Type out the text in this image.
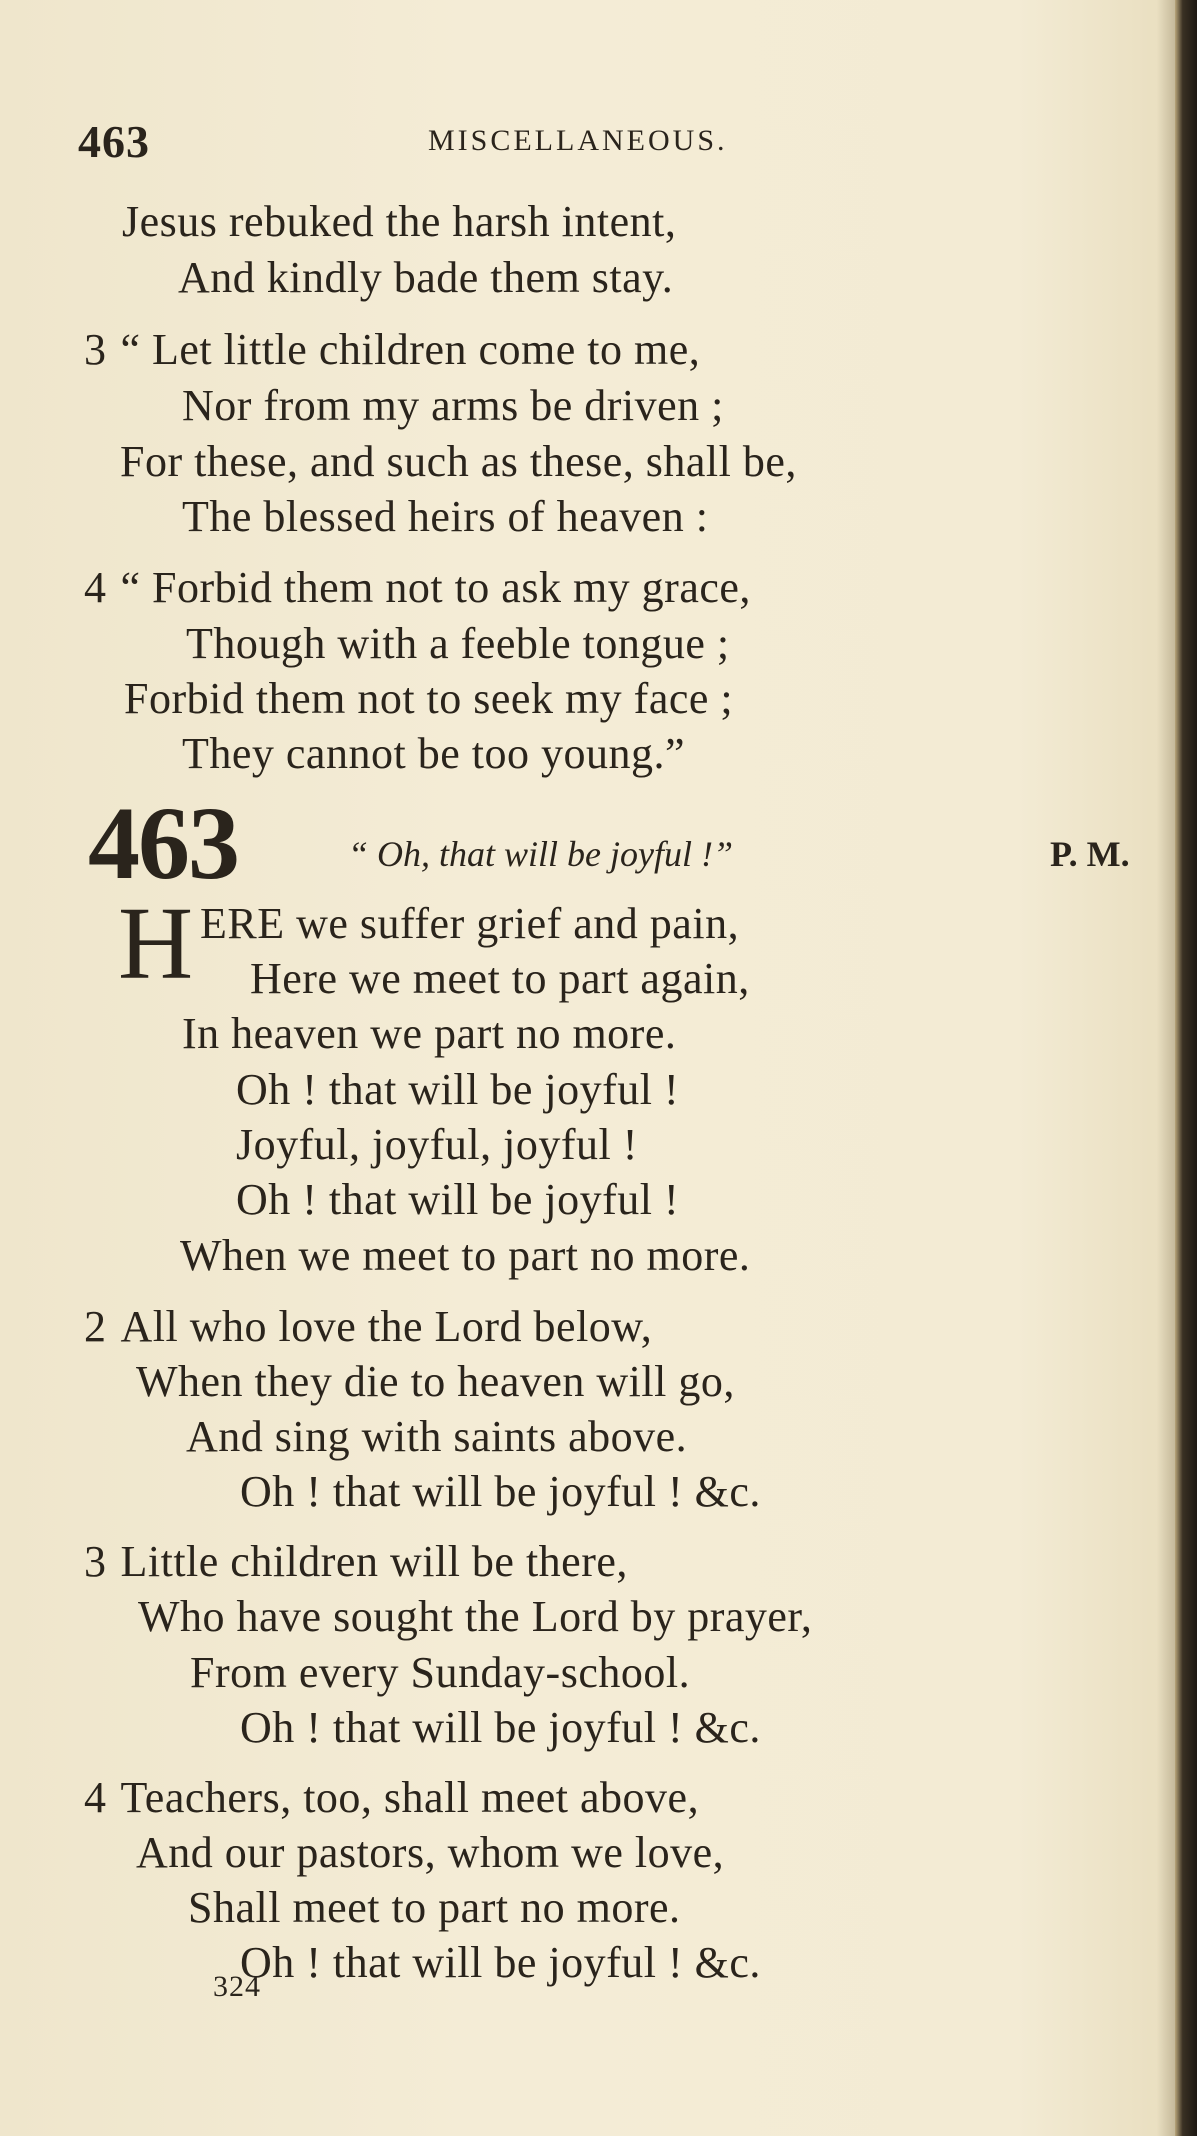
463	MISCELLANEOUS.
Jesus rebuked the harsh intent,
And kindly bade them stay.
3 “ Let little children come to me,
Nor from my arms be driven ;
For these, and such as these, shall be,
The blessed heirs of heaven :
4 “ Forbid them not to ask my grace,
Though with a feeble tongue ;
Forbid them not to seek my face ;
They cannot be too young.”
463	“ Oh, that will be joyful !”	P. M.
H ERE we suffer grief and pain,
Here we meet to part again,
In heaven we part no more.
Oh ! that will be joyful !
Joyful, joyful, joyful !
Oh ! that will be joyful !
When we meet to part no more.
2 All who love the Lord below,
When they die to heaven will go,
And sing with saints above.
Oh ! that will be joyful ! &c.
3 Little children will be there,
Who have sought the Lord by prayer,
From every Sunday-school.
Oh ! that will be joyful ! &c.
4 Teachers, too, shall meet above,
And our pastors, whom we love,
Shall meet to part no more.
Oh ! that will be joyful ! &c.
324
